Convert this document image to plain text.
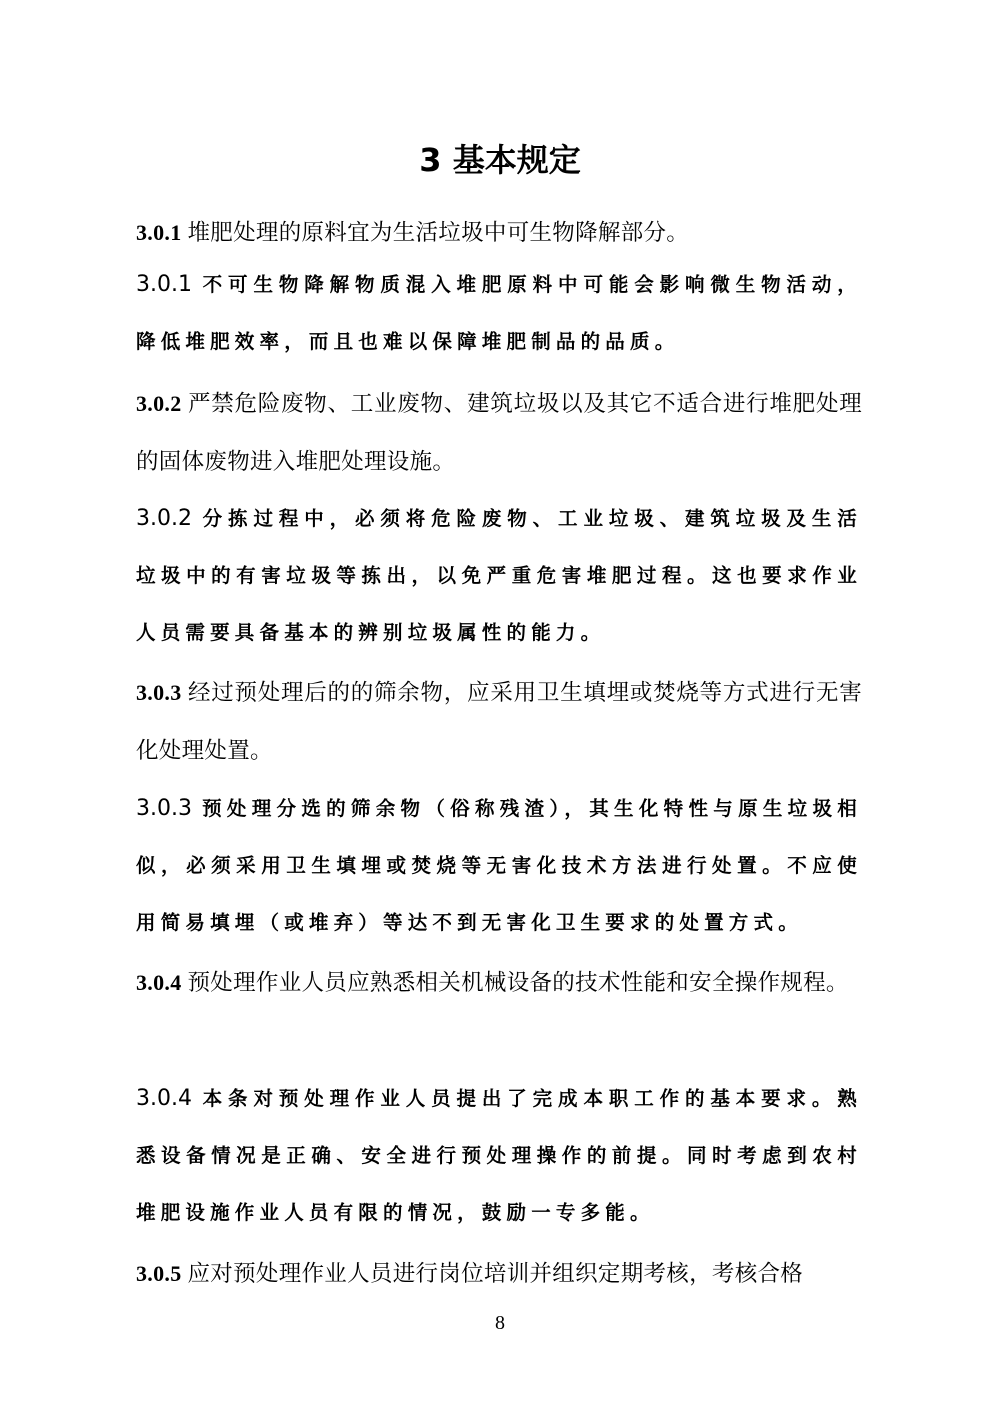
3 基本规定

3.0.1 堆肥处理的原料宜为生活垃圾中可生物降解部分。

3.0.1 不可生物降解物质混入堆肥原料中可能会影响微生物活动，降低堆肥效率，而且也难以保障堆肥制品的品质。

3.0.2 严禁危险废物、工业废物、建筑垃圾以及其它不适合进行堆肥处理的固体废物进入堆肥处理设施。

3.0.2 分拣过程中，必须将危险废物、工业垃圾、建筑垃圾及生活垃圾中的有害垃圾等拣出，以免严重危害堆肥过程。这也要求作业人员需要具备基本的辨别垃圾属性的能力。

3.0.3 经过预处理后的的筛余物，应采用卫生填埋或焚烧等方式进行无害化处理处置。

3.0.3 预处理分选的筛余物（俗称残渣），其生化特性与原生垃圾相似，必须采用卫生填埋或焚烧等无害化技术方法进行处置。不应使用简易填埋（或堆弃）等达不到无害化卫生要求的处置方式。

3.0.4 预处理作业人员应熟悉相关机械设备的技术性能和安全操作规程。

3.0.4 本条对预处理作业人员提出了完成本职工作的基本要求。熟悉设备情况是正确、安全进行预处理操作的前提。同时考虑到农村堆肥设施作业人员有限的情况，鼓励一专多能。

3.0.5 应对预处理作业人员进行岗位培训并组织定期考核，考核合格

8
